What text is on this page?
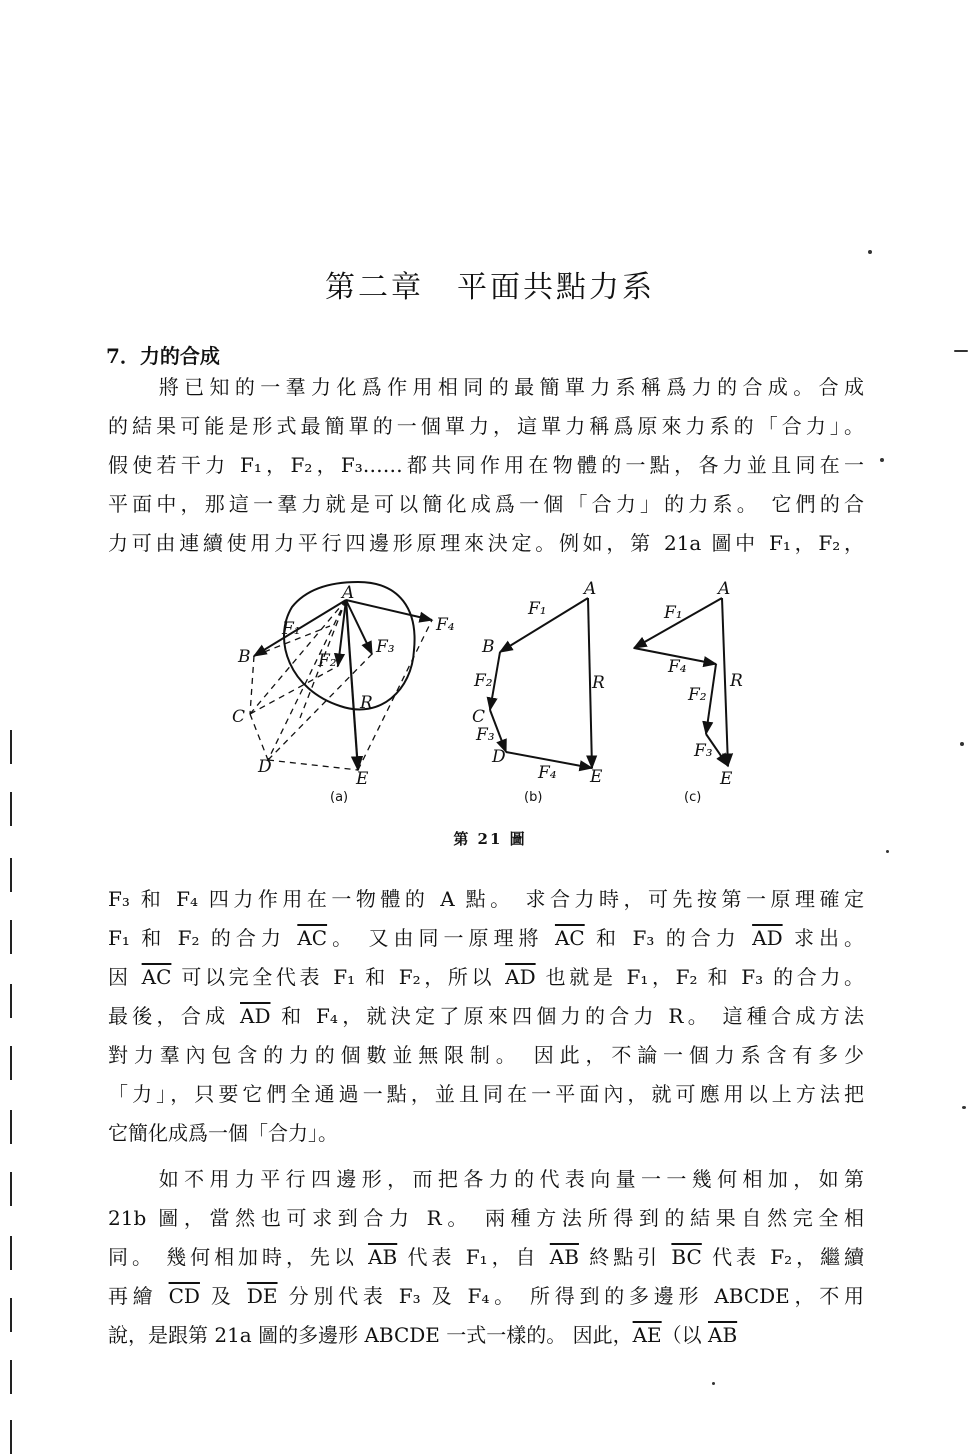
第二章　平面共點力系
7．力的合成
　　將已知的一羣力化爲作用相同的最簡單力系稱爲力的合成。合成
的結果可能是形式最簡單的一個單力，這單力稱爲原來力系的「合力」。
假使若干力 F₁，F₂，F₃……都共同作用在物體的一點，各力並且同在一
平面中，那這一羣力就是可以簡化成爲一個「合力」的力系。 它們的合
力可由連續使用力平行四邊形原理來決定。例如，第 21a 圖中 F₁，F₂，
A
B
C
D
E
R
F₁
F₂
F₃
F₄
A
B
C
D
E
R
F₁
F₂
F₃
F₄
A
E
R
F₁
F₂
F₃
F₄
(a)	(b)	(c)
第 21 圖
F₃ 和 F₄ 四力作用在一物體的 A 點。 求合力時，可先按第一原理確定
F₁ 和 F₂ 的合力 $\overline{AC}$。 又由同一原理將 $\overline{AC}$ 和 F₃ 的合力 $\overline{AD}$ 求出。
因 $\overline{AC}$ 可以完全代表 F₁ 和 F₂，所以 $\overline{AD}$ 也就是 F₁，F₂ 和 F₃ 的合力。
最後，合成 $\overline{AD}$ 和 F₄，就決定了原來四個力的合力 R。 這種合成方法
對力羣內包含的力的個數並無限制。 因此，不論一個力系含有多少
「力」，只要它們全通過一點，並且同在一平面內，就可應用以上方法把
它簡化成爲一個「合力」。
　　如不用力平行四邊形，而把各力的代表向量一一幾何相加，如第
21b 圖，當然也可求到合力 R。 兩種方法所得到的結果自然完全相
同。 幾何相加時，先以 $\overline{AB}$ 代表 F₁，自 $\overline{AB}$ 終點引 $\overline{BC}$ 代表 F₂，繼續
再繪 $\overline{CD}$ 及 $\overline{DE}$ 分別代表 F₃ 及 F₄。 所得到的多邊形 ABCDE，不用
說，是跟第 21a 圖的多邊形 ABCDE 一式一樣的。 因此，$\overline{AE}$（以 $\overline{AB}$
